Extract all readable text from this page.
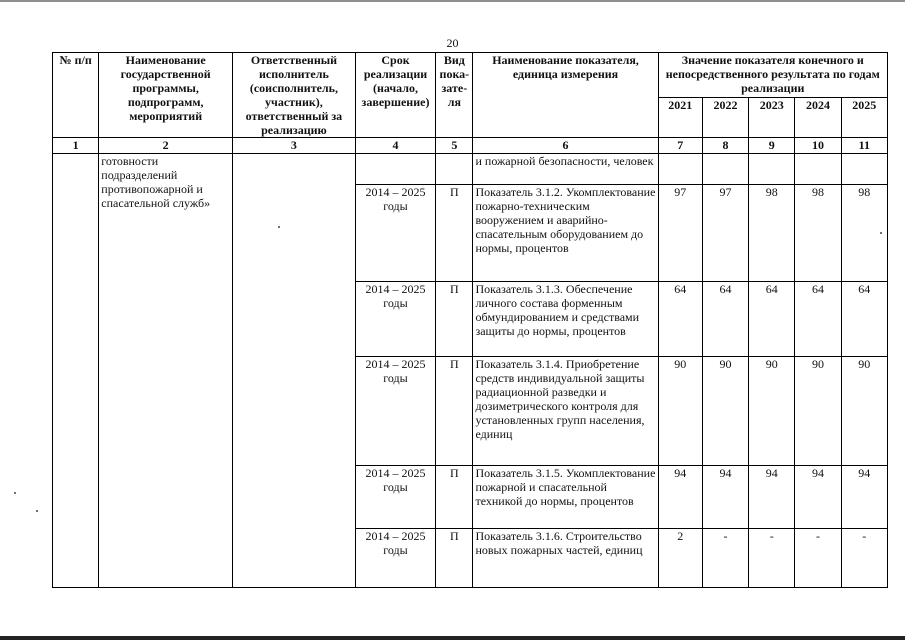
20
№ п/п	Наименование государственной программы, подпрограмм, мероприятий	Ответственный исполнитель (соисполнитель, участник), ответственный за реализацию	Срок реализации (начало, завершение)	Вид пока-зате-ля	Наименование показателя, единица измерения	Значение показателя конечного и непосредственного результата по годам реализации				
						2021	2022	2023	2024	2025
1	2	3	4	5	6	7	8	9	10	11
	готовности подразделений противопожарной и спасательной служб»				и пожарной безопасности, человек					
			2014 – 2025 годы	П	Показатель 3.1.2. Укомплектование пожарно-техническим вооружением и аварийно-спасательным оборудованием до нормы, процентов	97	97	98	98	98
			2014 – 2025 годы	П	Показатель 3.1.3. Обеспечение личного состава форменным обмундированием и средствами защиты до нормы, процентов	64	64	64	64	64
			2014 – 2025 годы	П	Показатель 3.1.4. Приобретение средств индивидуальной защиты радиационной разведки и дозиметрического контроля для установленных групп населения, единиц	90	90	90	90	90
			2014 – 2025 годы	П	Показатель 3.1.5. Укомплектование пожарной и спасательной техникой до нормы, процентов	94	94	94	94	94
			2014 – 2025 годы	П	Показатель 3.1.6. Строительство новых пожарных частей, единиц	2	-	-	-	-
